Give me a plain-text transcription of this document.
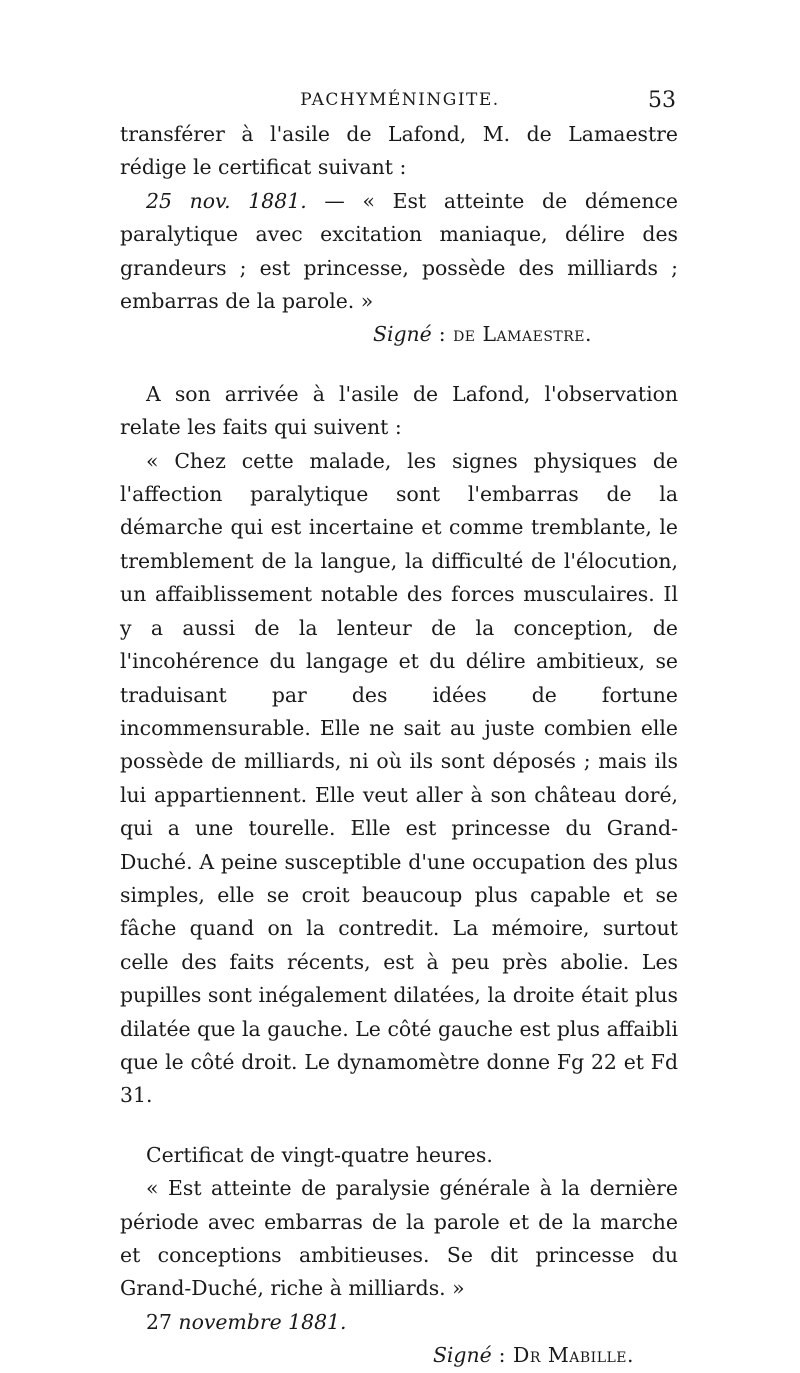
PACHYMÉNINGITE.	53

transférer à l'asile de Lafond, M. de Lamaestre rédige le certificat suivant :

25 nov. 1881. — « Est atteinte de démence paralytique avec excitation maniaque, délire des grandeurs ; est princesse, possède des milliards ; embarras de la parole. »

Signé : de Lamaestre.

A son arrivée à l'asile de Lafond, l'observation relate les faits qui suivent :

« Chez cette malade, les signes physiques de l'affection paralytique sont l'embarras de la démarche qui est incertaine et comme tremblante, le tremblement de la langue, la difficulté de l'élocution, un affaiblissement notable des forces musculaires. Il y a aussi de la lenteur de la conception, de l'incohérence du langage et du délire ambitieux, se traduisant par des idées de fortune incommensurable. Elle ne sait au juste combien elle possède de milliards, ni où ils sont déposés ; mais ils lui appartiennent. Elle veut aller à son château doré, qui a une tourelle. Elle est princesse du Grand-Duché. A peine susceptible d'une occupation des plus simples, elle se croit beaucoup plus capable et se fâche quand on la contredit. La mémoire, surtout celle des faits récents, est à peu près abolie. Les pupilles sont inégalement dilatées, la droite était plus dilatée que la gauche. Le côté gauche est plus affaibli que le côté droit. Le dynamomètre donne Fg 22 et Fd 31.

Certificat de vingt-quatre heures.

« Est atteinte de paralysie générale à la dernière période avec embarras de la parole et de la marche et conceptions ambitieuses. Se dit princesse du Grand-Duché, riche à milliards. »

27 novembre 1881.

Signé : Dr Mabille.
